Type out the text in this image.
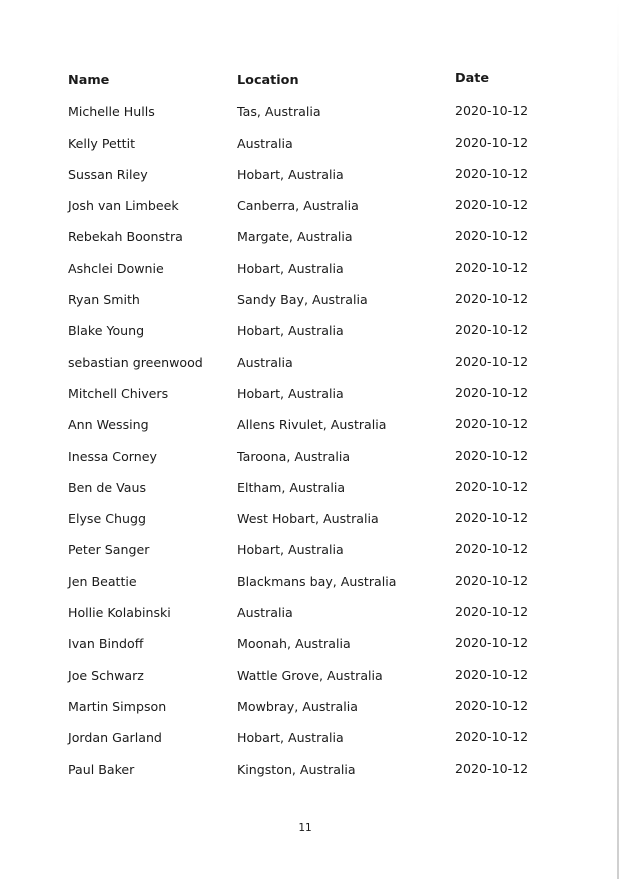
Name	Location	Date
Michelle Hulls	Tas, Australia	2020-10-12
Kelly Pettit	Australia	2020-10-12
Sussan Riley	Hobart, Australia	2020-10-12
Josh van Limbeek	Canberra, Australia	2020-10-12
Rebekah Boonstra	Margate, Australia	2020-10-12
Ashclei Downie	Hobart, Australia	2020-10-12
Ryan Smith	Sandy Bay, Australia	2020-10-12
Blake Young	Hobart, Australia	2020-10-12
sebastian greenwood	Australia	2020-10-12
Mitchell Chivers	Hobart, Australia	2020-10-12
Ann Wessing	Allens Rivulet, Australia	2020-10-12
Inessa Corney	Taroona, Australia	2020-10-12
Ben de Vaus	Eltham, Australia	2020-10-12
Elyse Chugg	West Hobart, Australia	2020-10-12
Peter Sanger	Hobart, Australia	2020-10-12
Jen Beattie	Blackmans bay, Australia	2020-10-12
Hollie Kolabinski	Australia	2020-10-12
Ivan Bindoff	Moonah, Australia	2020-10-12
Joe Schwarz	Wattle Grove, Australia	2020-10-12
Martin Simpson	Mowbray, Australia	2020-10-12
Jordan Garland	Hobart, Australia	2020-10-12
Paul Baker	Kingston, Australia	2020-10-12
11
